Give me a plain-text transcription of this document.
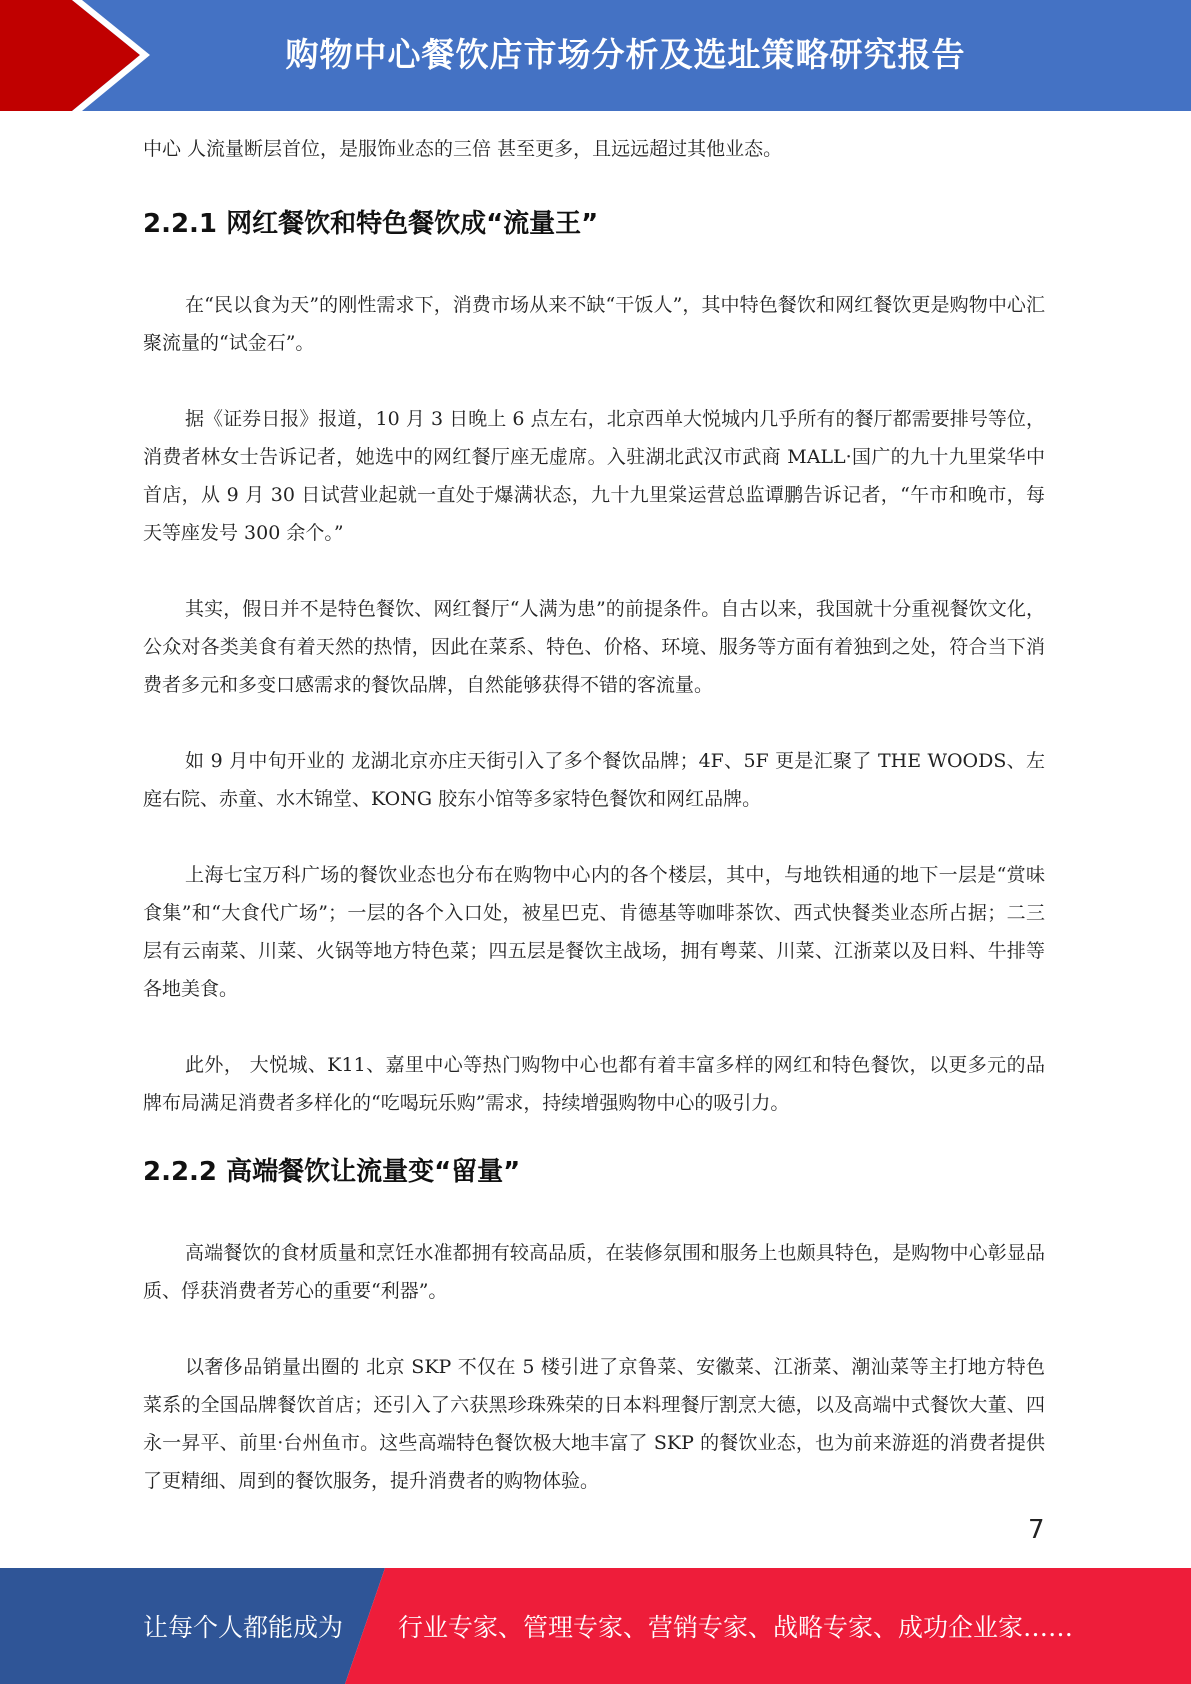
购物中心餐饮店市场分析及选址策略研究报告

中心 人流量断层首位，是服饰业态的三倍 甚至更多，且远远超过其他业态。

2.2.1 网红餐饮和特色餐饮成“流量王”

在“民以食为天”的刚性需求下，消费市场从来不缺“干饭人”，其中特色餐饮和网红餐饮更是购物中心汇聚流量的“试金石”。

据《证券日报》报道，10 月 3 日晚上 6 点左右，北京西单大悦城内几乎所有的餐厅都需要排号等位，消费者林女士告诉记者，她选中的网红餐厅座无虚席。入驻湖北武汉市武商 MALL·国广的九十九里棠华中首店，从 9 月 30 日试营业起就一直处于爆满状态，九十九里棠运营总监谭鹏告诉记者，“午市和晚市，每天等座发号 300 余个。”

其实，假日并不是特色餐饮、网红餐厅“人满为患”的前提条件。自古以来，我国就十分重视餐饮文化，公众对各类美食有着天然的热情，因此在菜系、特色、价格、环境、服务等方面有着独到之处，符合当下消费者多元和多变口感需求的餐饮品牌，自然能够获得不错的客流量。

如 9 月中旬开业的 龙湖北京亦庄天街引入了多个餐饮品牌；4F、5F 更是汇聚了 THE WOODS、左庭右院、赤童、水木锦堂、KONG 胶东小馆等多家特色餐饮和网红品牌。

上海七宝万科广场的餐饮业态也分布在购物中心内的各个楼层，其中，与地铁相通的地下一层是“赏味食集”和“大食代广场”；一层的各个入口处，被星巴克、肯德基等咖啡茶饮、西式快餐类业态所占据；二三层有云南菜、川菜、火锅等地方特色菜；四五层是餐饮主战场，拥有粤菜、川菜、江浙菜以及日料、牛排等各地美食。

此外， 大悦城、K11、嘉里中心等热门购物中心也都有着丰富多样的网红和特色餐饮，以更多元的品牌布局满足消费者多样化的“吃喝玩乐购”需求，持续增强购物中心的吸引力。

2.2.2 高端餐饮让流量变“留量”

高端餐饮的食材质量和烹饪水准都拥有较高品质，在装修氛围和服务上也颇具特色，是购物中心彰显品质、俘获消费者芳心的重要“利器”。

以奢侈品销量出圈的 北京 SKP 不仅在 5 楼引进了京鲁菜、安徽菜、江浙菜、潮汕菜等主打地方特色菜系的全国品牌餐饮首店；还引入了六获黑珍珠殊荣的日本料理餐厅割烹大德，以及高端中式餐饮大董、四永一昇平、前里·台州鱼市。这些高端特色餐饮极大地丰富了 SKP 的餐饮业态，也为前来游逛的消费者提供了更精细、周到的餐饮服务，提升消费者的购物体验。

7
让每个人都能成为 行业专家、管理专家、营销专家、战略专家、成功企业家……
